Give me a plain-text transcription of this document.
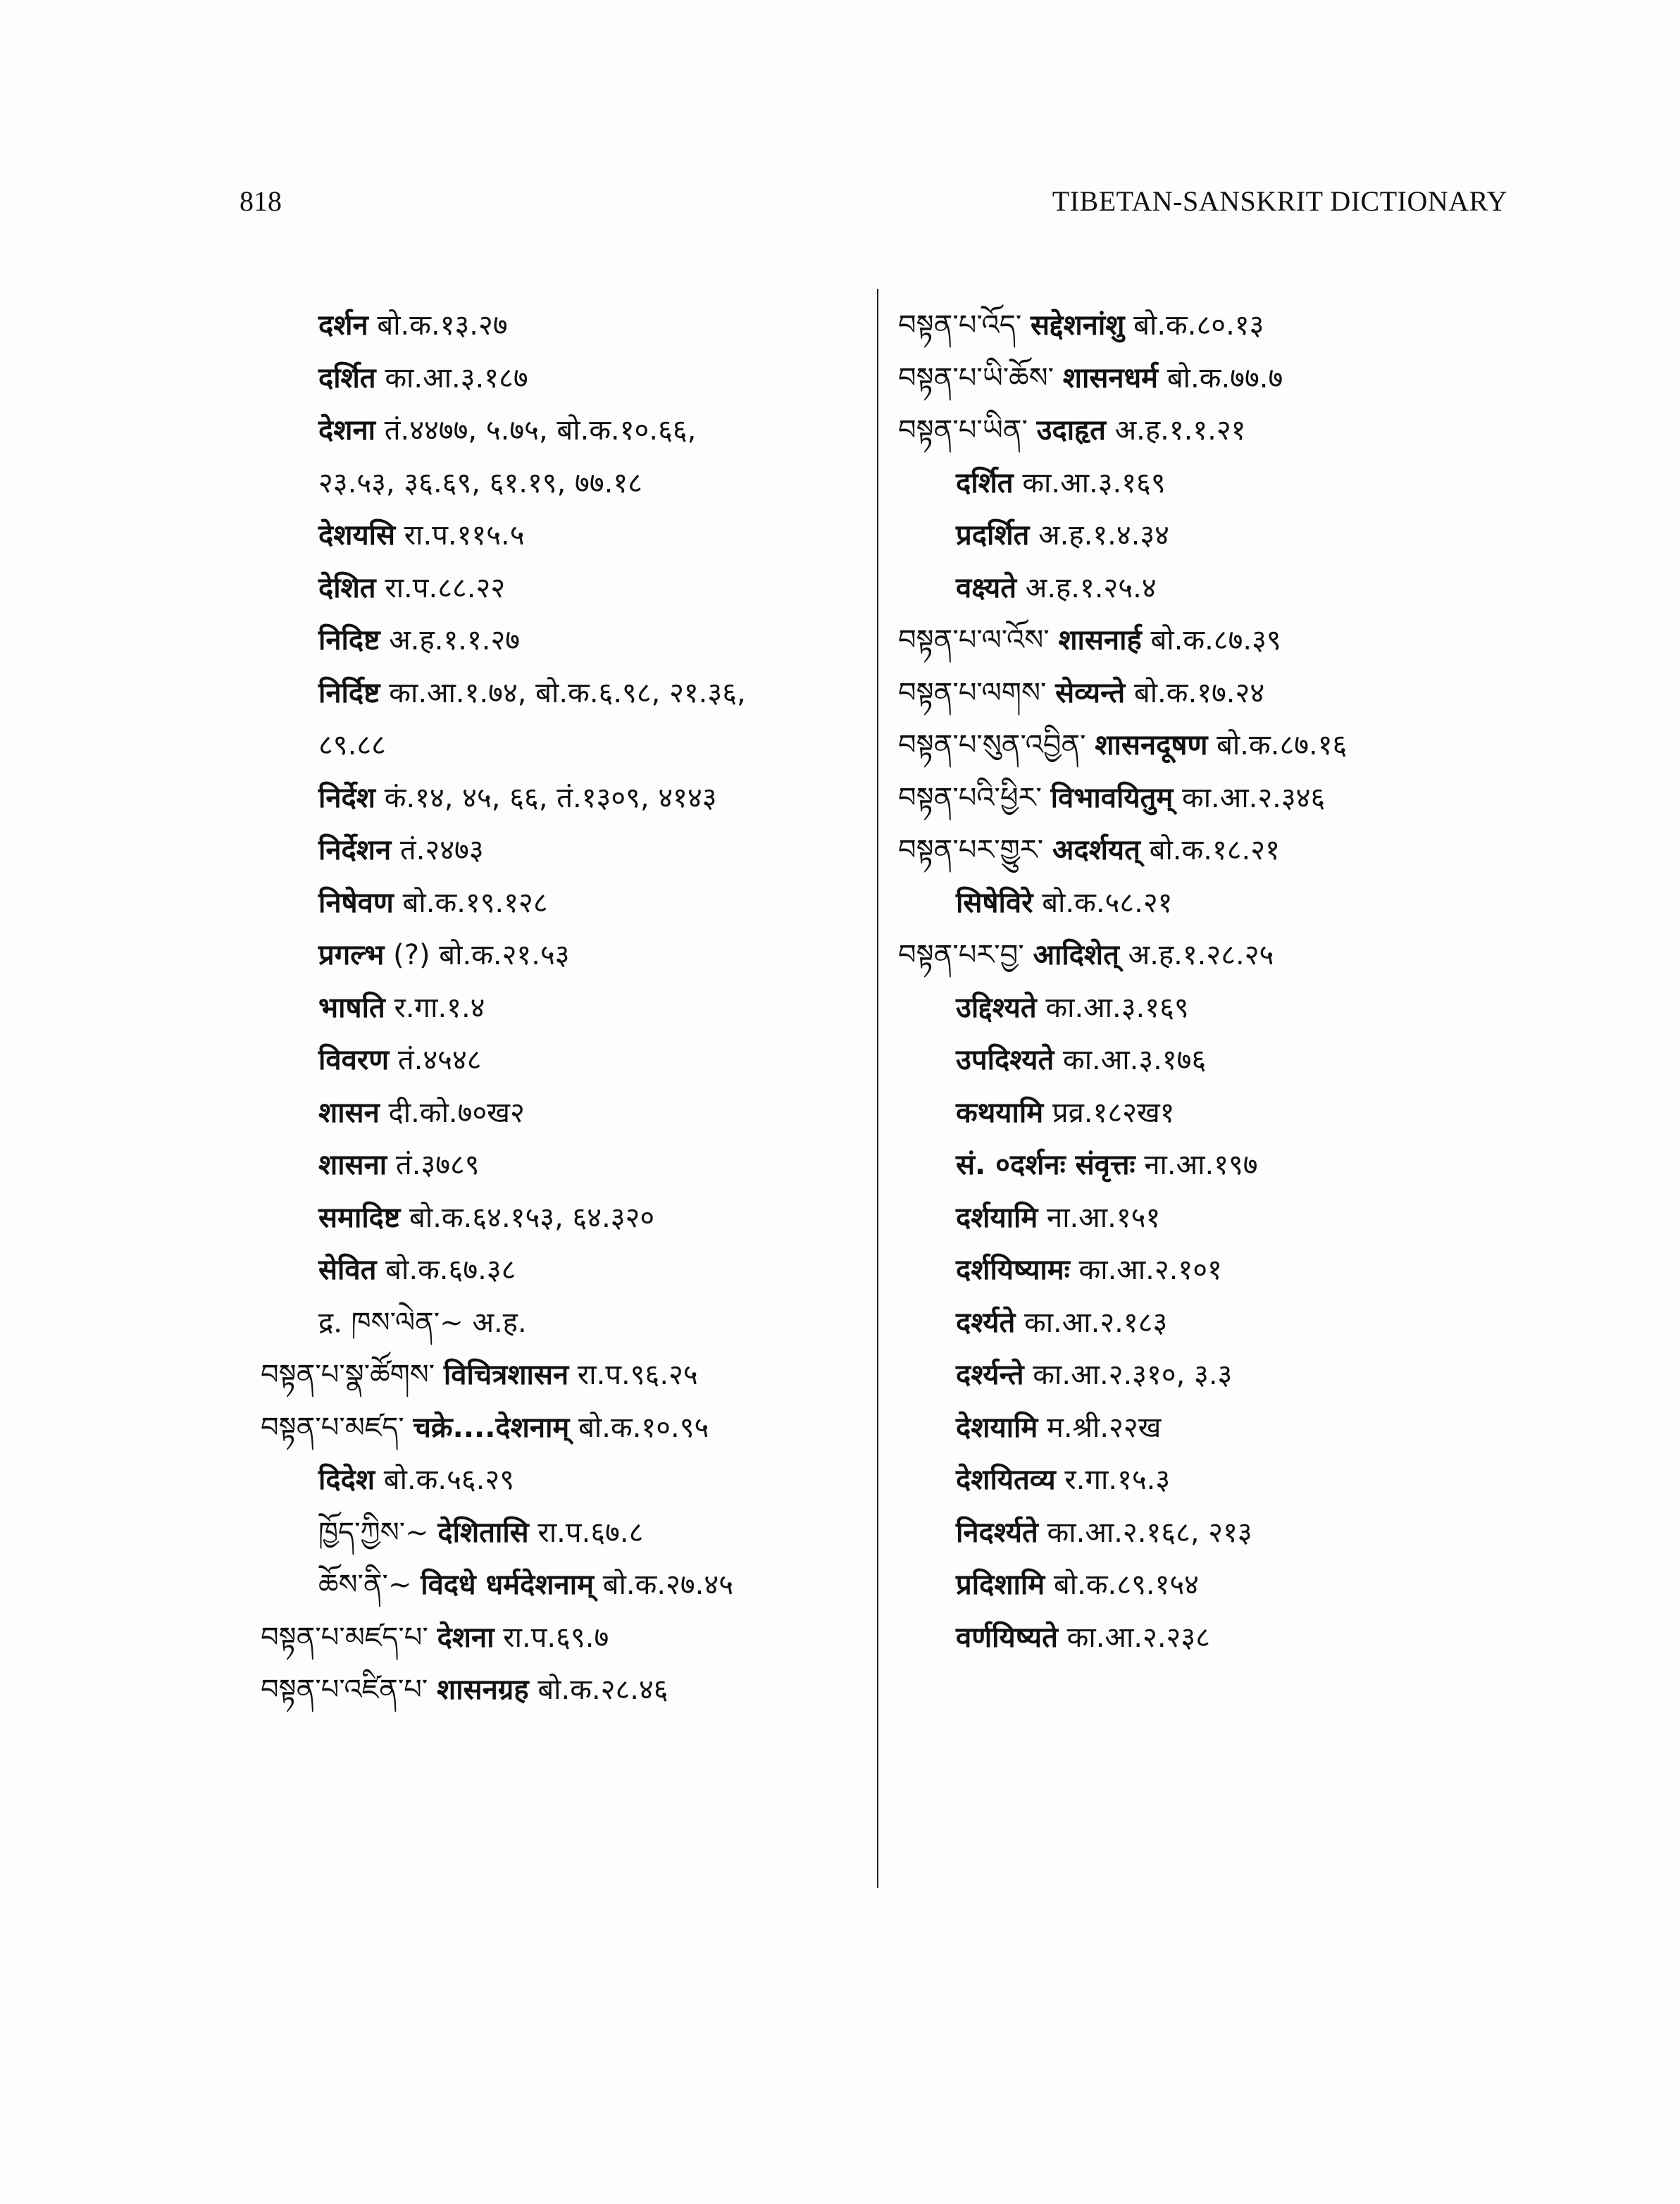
818	TIBETAN-SANSKRIT DICTIONARY
दर्शन बो.क.१३.२७
दर्शित का.आ.३.१८७
देशना तं.४४७७, ५.७५, बो.क.१०.६६,
२३.५३, ३६.६९, ६१.१९, ७७.१८
देशयसि रा.प.११५.५
देशित रा.प.८८.२२
निदिष्ट अ.ह.१.१.२७
निर्दिष्ट का.आ.१.७४, बो.क.६.९८, २१.३६,
८९.८८
निर्देश कं.१४, ४५, ६६, तं.१३०९, ४१४३
निर्देशन तं.२४७३
निषेवण बो.क.१९.१२८
प्रगल्भ (?) बो.क.२१.५३
भाषति र.गा.१.४
विवरण तं.४५४८
शासन दी.को.७०ख२
शासना तं.३७८९
समादिष्ट बो.क.६४.१५३, ६४.३२०
सेवित बो.क.६७.३८
द्र. ཁས་ལེན་~ अ.ह.
བསྟན་པ་སྣ་ཚོགས་ विचित्रशासन रा.प.९६.२५
བསྟན་པ་མཛད་ चक्रे....देशनाम् बो.क.१०.९५
दिदेश बो.क.५६.२९
ཁྱོད་ཀྱིས་~ देशितासि रा.प.६७.८
ཆོས་ནི་~ विदधे धर्मदेशनाम् बो.क.२७.४५
བསྟན་པ་མཛད་པ་ देशना रा.प.६९.७
བསྟན་པ་འཛིན་པ་ शासनग्रह बो.क.२८.४६
བསྟན་པ་འོད་ सद्देशनांशु बो.क.८०.१३
བསྟན་པ་ཡི་ཆོས་ शासनधर्म बो.क.७७.७
བསྟན་པ་ཡིན་ उदाहृत अ.ह.१.१.२१
दर्शित का.आ.३.१६९
प्रदर्शित अ.ह.१.४.३४
वक्ष्यते अ.ह.१.२५.४
བསྟན་པ་ལ་འོས་ शासनार्ह बो.क.८७.३९
བསྟན་པ་ལགས་ सेव्यन्ते बो.क.१७.२४
བསྟན་པ་སུན་འབྱིན་ शासनदूषण बो.क.८७.१६
བསྟན་པའི་ཕྱིར་ विभावयितुम् का.आ.२.३४६
བསྟན་པར་གྱུར་ अदर्शयत् बो.क.१८.२१
सिषेविरे बो.क.५८.२१
བསྟན་པར་བྱ་ आदिशेत् अ.ह.१.२८.२५
उद्दिश्यते का.आ.३.१६९
उपदिश्यते का.आ.३.१७६
कथयामि प्रव्र.१८२ख१
सं. ०दर्शनः संवृत्तः ना.आ.१९७
दर्शयामि ना.आ.१५१
दर्शयिष्यामः का.आ.२.१०१
दर्श्यते का.आ.२.१८३
दर्श्यन्ते का.आ.२.३१०, ३.३
देशयामि म.श्री.२२ख
देशयितव्य र.गा.१५.३
निदर्श्यते का.आ.२.१६८, २१३
प्रदिशामि बो.क.८९.१५४
वर्णयिष्यते का.आ.२.२३८
